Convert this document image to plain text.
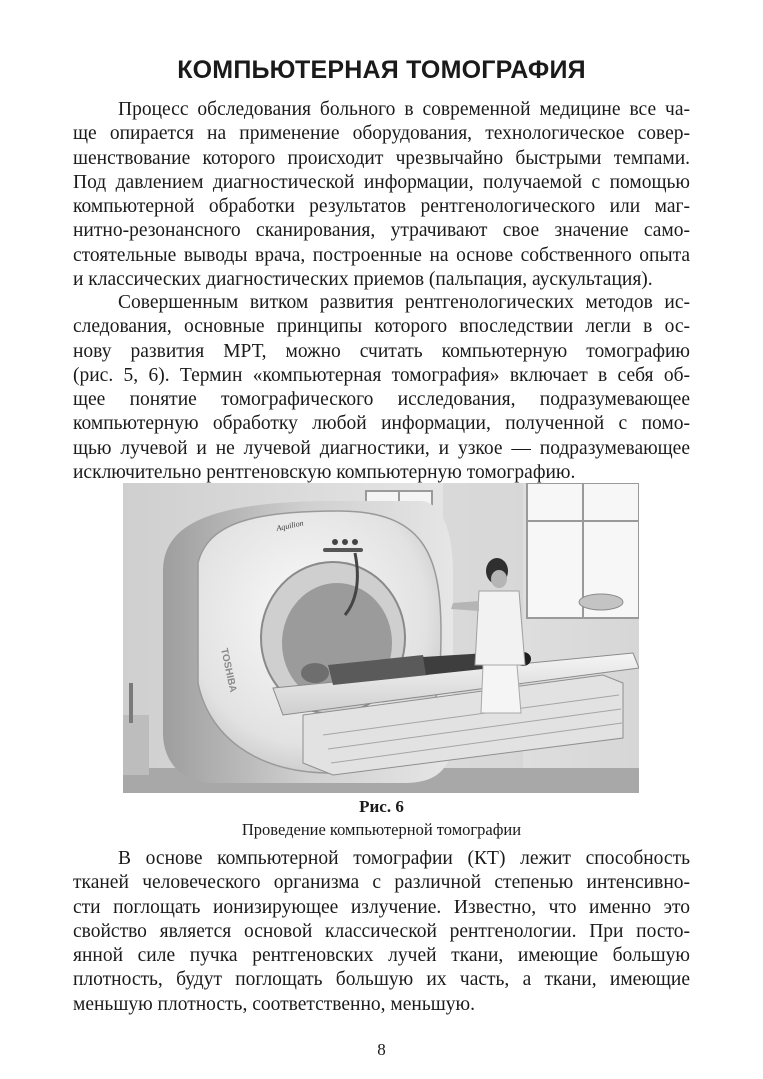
КОМПЬЮТЕРНАЯ ТОМОГРАФИЯ

Процесс обследования больного в современной медицине все ча-
ще опирается на применение оборудования, технологическое совер-
шенствование которого происходит чрезвычайно быстрыми темпами.
Под давлением диагностической информации, получаемой с помощью
компьютерной обработки результатов рентгенологического или маг-
нитно-резонансного сканирования, утрачивают свое значение само-
стоятельные выводы врача, построенные на основе собственного опыта
и классических диагностических приемов (пальпация, аускультация).

Совершенным витком развития рентгенологических методов ис-
следования, основные принципы которого впоследствии легли в ос-
нову развития МРТ, можно считать компьютерную томографию
(рис. 5, 6). Термин «компьютерная томография» включает в себя об-
щее понятие томографического исследования, подразумевающее
компьютерную обработку любой информации, полученной с помо-
щью лучевой и не лучевой диагностики, и узкое — подразумевающее
исключительно рентгеновскую компьютерную томографию.

TOSHIBA
Aquilion

Рис. 6

Проведение компьютерной томографии

В основе компьютерной томографии (КТ) лежит способность
тканей человеческого организма с различной степенью интенсивно-
сти поглощать ионизирующее излучение. Известно, что именно это
свойство является основой классической рентгенологии. При посто-
янной силе пучка рентгеновских лучей ткани, имеющие большую
плотность, будут поглощать большую их часть, а ткани, имеющие
меньшую плотность, соответственно, меньшую.

8
